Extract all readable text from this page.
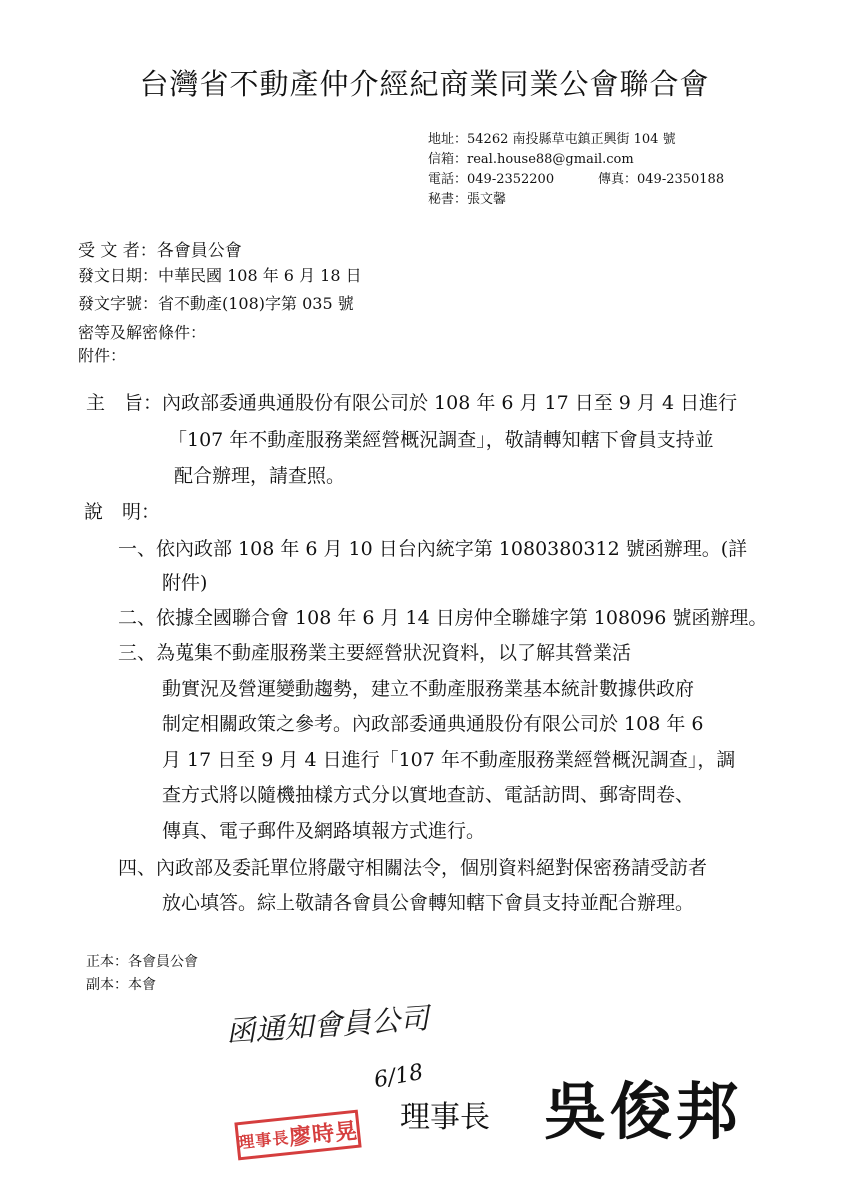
台灣省不動產仲介經紀商業同業公會聯合會
地址：54262 南投縣草屯鎮正興街 104 號
信箱：real.house88@gmail.com
電話：049-2352200	傳真：049-2350188
秘書：張文馨
受 文 者：各會員公會
發文日期：中華民國 108 年 6 月 18 日
發文字號：省不動產(108)字第 035 號
密等及解密條件：
附件：
主　旨： 內政部委通典通股份有限公司於 108 年 6 月 17 日至 9 月 4 日進行
「107 年不動產服務業經營概況調查」，敬請轉知轄下會員支持並
配合辦理，請查照。
說　明：
一、依內政部 108 年 6 月 10 日台內統字第 1080380312 號函辦理。(詳
附件)
二、依據全國聯合會 108 年 6 月 14 日房仲全聯雄字第 108096 號函辦理。
三、為蒐集不動產服務業主要經營狀況資料，以了解其營業活
動實況及營運變動趨勢，建立不動產服務業基本統計數據供政府
制定相關政策之參考。內政部委通典通股份有限公司於 108 年 6
月 17 日至 9 月 4 日進行「107 年不動產服務業經營概況調查」，調
查方式將以隨機抽樣方式分以實地查訪、電話訪問、郵寄問卷、
傳真、電子郵件及網路填報方式進行。
四、內政部及委託單位將嚴守相關法令，個別資料絕對保密務請受訪者
放心填答。綜上敬請各會員公會轉知轄下會員支持並配合辦理。
正本：各會員公會
副本：本會
函通知會員公司
6/18
理事長
廖時晃 理事長 吳俊邦
